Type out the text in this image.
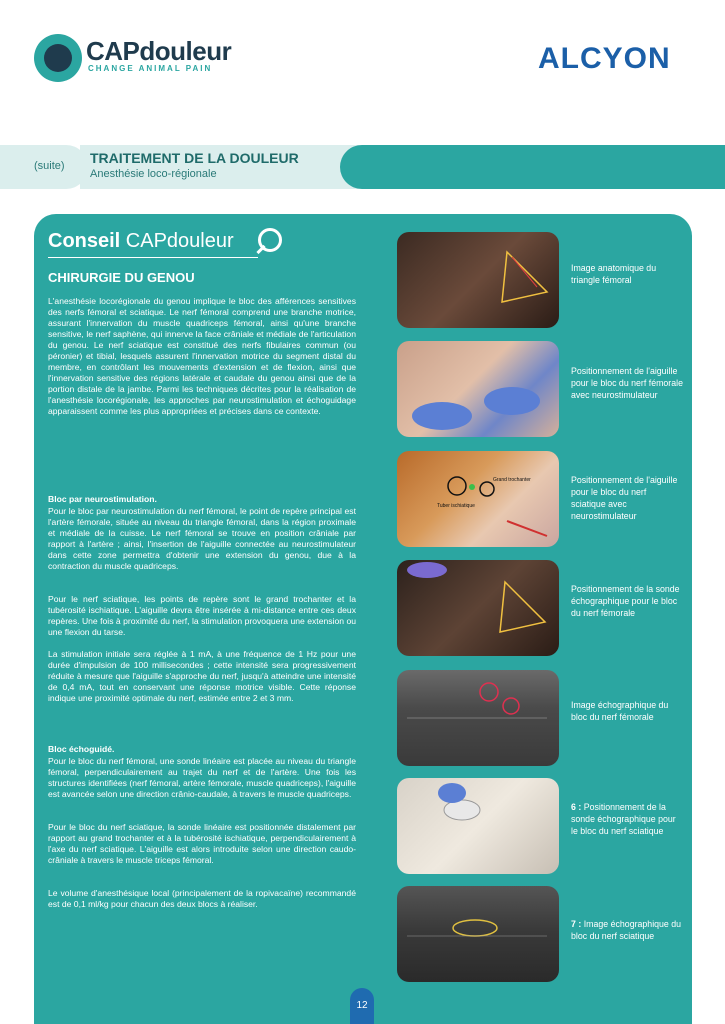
CAPdouleur
CHANGE ANIMAL PAIN	ALCYON
(suite) TRAITEMENT DE LA DOULEUR
Anesthésie loco-régionale
Conseil CAPdouleur
CHIRURGIE DU GENOU

L'anesthésie locorégionale du genou implique le bloc des afférences sensitives des nerfs fémoral et sciatique. Le nerf fémoral comprend une branche motrice, assurant l'innervation du muscle quadriceps fémoral, ainsi qu'une branche sensitive, le nerf saphène, qui innerve la face crâniale et médiale de l'articulation du genou. Le nerf sciatique est constitué des nerfs fibulaires commun (ou péronier) et tibial, lesquels assurent l'innervation motrice du segment distal du membre, en contrôlant les mouvements d'extension et de flexion, ainsi que l'innervation sensitive des régions latérale et caudale du genou ainsi que de la portion distale de la jambe. Parmi les techniques décrites pour la réalisation de l'anesthésie locorégionale, les approches par neurostimulation et échoguidage apparaissent comme les plus appropriées et précises dans ce contexte.

Bloc par neurostimulation.

Pour le bloc par neurostimulation du nerf fémoral, le point de repère principal est l'artère fémorale, située au niveau du triangle fémoral, dans la région proximale et médiale de la cuisse. Le nerf fémoral se trouve en position crâniale par rapport à l'artère ; ainsi, l'insertion de l'aiguille connectée au neurostimulateur dans cette zone permettra d'obtenir une extension du genou, due à la contraction du muscle quadriceps.

Pour le nerf sciatique, les points de repère sont le grand trochanter et la tubérosité ischiatique. L'aiguille devra être insérée à mi-distance entre ces deux repères. Une fois à proximité du nerf, la stimulation provoquera une extension ou une flexion du tarse.

La stimulation initiale sera réglée à 1 mA, à une fréquence de 1 Hz pour une durée d'impulsion de 100 millisecondes ; cette intensité sera progressivement réduite à mesure que l'aiguille s'approche du nerf, jusqu'à atteindre une intensité de 0,4 mA, tout en conservant une réponse motrice visible. Cette réponse indique une proximité optimale du nerf, estimée entre 2 et 3 mm.

Bloc échoguidé.

Pour le bloc du nerf fémoral, une sonde linéaire est placée au niveau du triangle fémoral, perpendiculairement au trajet du nerf et de l'artère. Une fois les structures identifiées (nerf fémoral, artère fémorale, muscle quadriceps), l'aiguille est avancée selon une direction crânio-caudale, à travers le muscle quadriceps.

Pour le bloc du nerf sciatique, la sonde linéaire est positionnée distalement par rapport au grand trochanter et à la tubérosité ischiatique, perpendiculairement à l'axe du nerf sciatique. L'aiguille est alors introduite selon une direction caudo-crâniale à travers le muscle triceps fémoral.

Le volume d'anesthésique local (principalement de la ropivacaïne) recommandé est de 0,1 ml/kg pour chacun des deux blocs à réaliser.

Image anatomique du triangle fémoral
Positionnement de l'aiguille pour le bloc du nerf fémorale avec neurostimulateur
Grand trochanter
Tuber ischiatique
Positionnement de l'aiguille pour le bloc du nerf sciatique avec neurostimulateur
Positionnement de la sonde échographique pour le bloc du nerf fémorale
Image échographique du bloc du nerf fémorale
6 : Positionnement de la sonde échographique pour le bloc du nerf sciatique
7 : Image échographique du bloc du nerf sciatique
12
